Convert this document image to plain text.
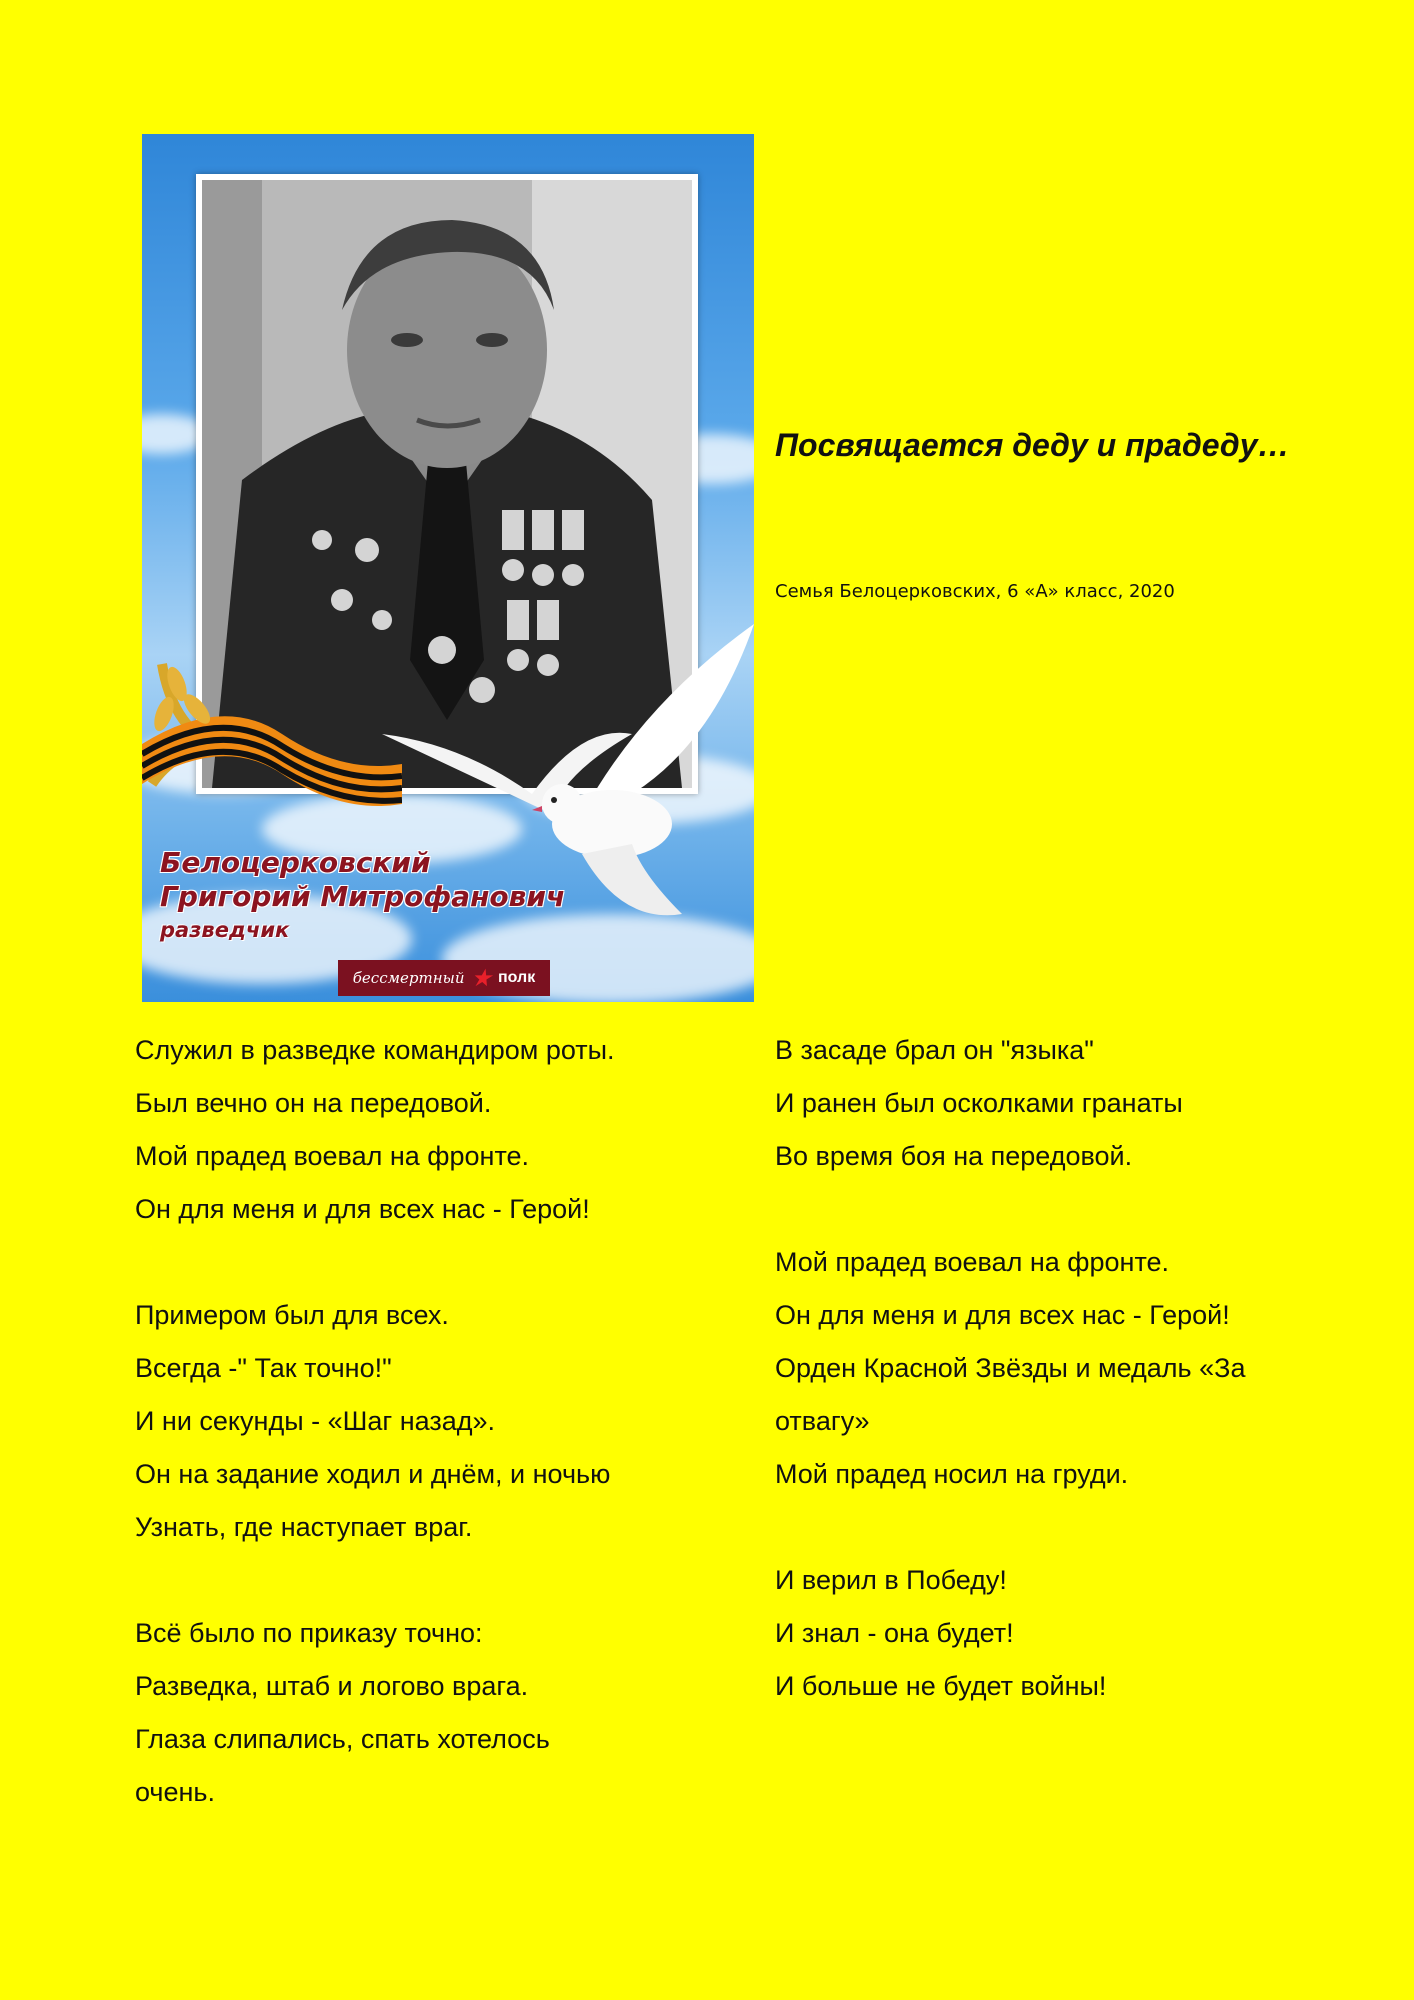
Белоцерковский
Григорий Митрофанович
разведчик
бессмертный ★ полк
Посвящается деду и прадеду…
Семья Белоцерковских, 6 «А» класс, 2020
Служил в разведке командиром роты.
Был вечно он на передовой.
Мой прадед воевал на фронте.
Он для меня и для всех нас - Герой!
Примером был для всех.
Всегда -" Так точно!"
И ни секунды - «Шаг назад».
Он на задание ходил и днём, и ночью
Узнать, где наступает враг.
Всё было по приказу точно:
Разведка, штаб и логово врага.
Глаза слипались, спать хотелось
очень.
В засаде брал он "языка"
И ранен был осколками гранаты
Во время боя на передовой.
Мой прадед воевал на фронте.
Он для меня и для всех нас - Герой!
Орден Красной Звёзды и медаль «За
отвагу»
Мой прадед носил на груди.
И верил в Победу!
И знал - она будет!
И больше не будет войны!
